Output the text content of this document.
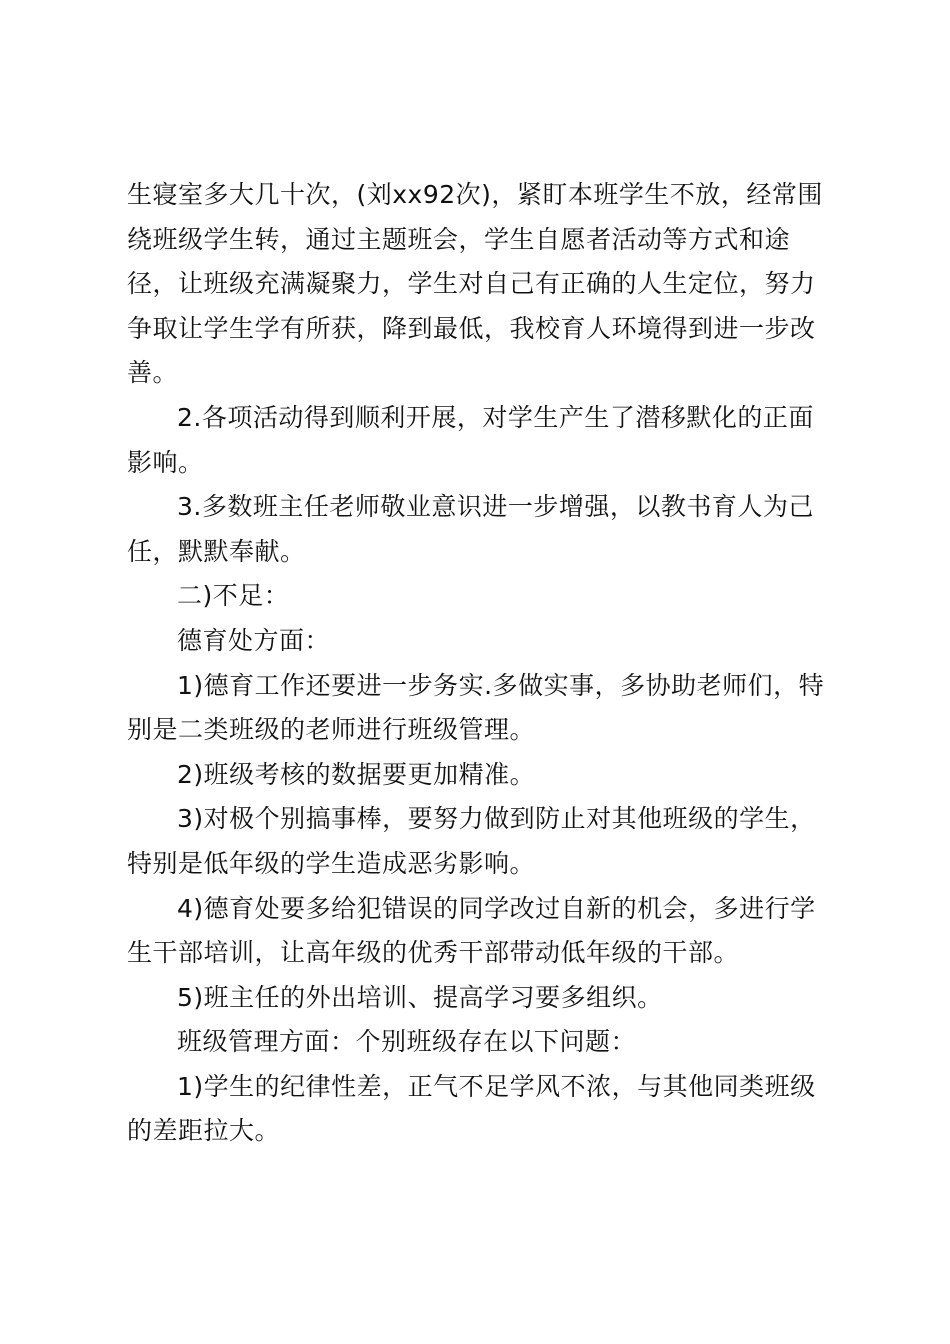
生寝室多大几十次，(刘xx92次)，紧盯本班学生不放，经常围绕班级学生转，通过主题班会，学生自愿者活动等方式和途径，让班级充满凝聚力，学生对自己有正确的人生定位，努力争取让学生学有所获，降到最低，我校育人环境得到进一步改善。

2.各项活动得到顺利开展，对学生产生了潜移默化的正面影响。

3.多数班主任老师敬业意识进一步增强，以教书育人为己任，默默奉献。

二)不足：

德育处方面：

1)德育工作还要进一步务实.多做实事，多协助老师们，特别是二类班级的老师进行班级管理。

2)班级考核的数据要更加精准。

3)对极个别搞事棒，要努力做到防止对其他班级的学生，特别是低年级的学生造成恶劣影响。

4)德育处要多给犯错误的同学改过自新的机会，多进行学生干部培训，让高年级的优秀干部带动低年级的干部。

5)班主任的外出培训、提高学习要多组织。

班级管理方面：个别班级存在以下问题：

1)学生的纪律性差，正气不足学风不浓，与其他同类班级的差距拉大。
